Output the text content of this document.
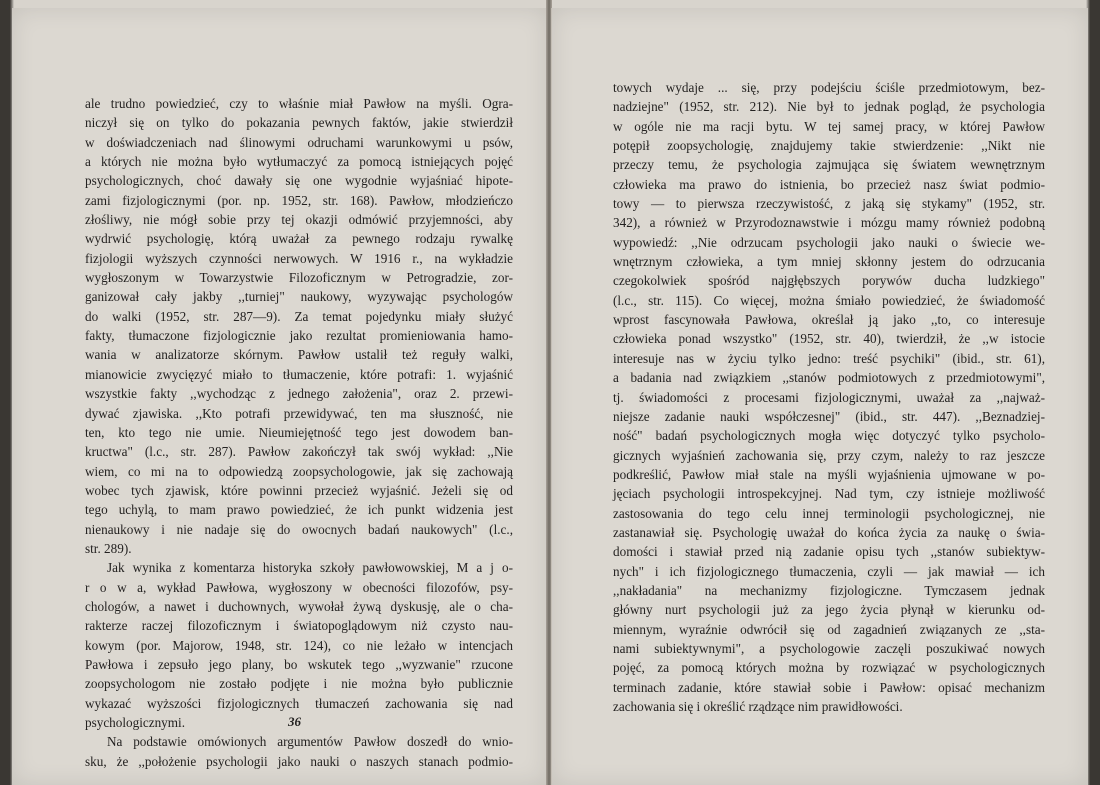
ale trudno powiedzieć, czy to właśnie miał Pawłow na myśli. Ogra-
niczył się on tylko do pokazania pewnych faktów, jakie stwierdził
w doświadczeniach nad ślinowymi odruchami warunkowymi u psów,
a których nie można było wytłumaczyć za pomocą istniejących pojęć
psychologicznych, choć dawały się one wygodnie wyjaśniać hipote-
zami fizjologicznymi (por. np. 1952, str. 168). Pawłow, młodzieńczo
złośliwy, nie mógł sobie przy tej okazji odmówić przyjemności, aby
wydrwić psychologię, którą uważał za pewnego rodzaju rywalkę
fizjologii wyższych czynności nerwowych. W 1916 r., na wykładzie
wygłoszonym w Towarzystwie Filozoficznym w Petrogradzie, zor-
ganizował cały jakby ,,turniej" naukowy, wyzywając psychologów
do walki (1952, str. 287—9). Za temat pojedynku miały służyć
fakty, tłumaczone fizjologicznie jako rezultat promieniowania hamo-
wania w analizatorze skórnym. Pawłow ustalił też reguły walki,
mianowicie zwycięzyć miało to tłumaczenie, które potrafi: 1. wyjaśnić
wszystkie fakty ,,wychodząc z jednego założenia", oraz 2. przewi-
dywać zjawiska. ,,Kto potrafi przewidywać, ten ma słuszność, nie
ten, kto tego nie umie. Nieumiejętność tego jest dowodem ban-
kructwa" (l.c., str. 287). Pawłow zakończył tak swój wykład: ,,Nie
wiem, co mi na to odpowiedzą zoopsychologowie, jak się zachowają
wobec tych zjawisk, które powinni przecież wyjaśnić. Jeżeli się od
tego uchylą, to mam prawo powiedzieć, że ich punkt widzenia jest
nienaukowy i nie nadaje się do owocnych badań naukowych" (l.c.,
str. 289).
Jak wynika z komentarza historyka szkoły pawłowowskiej, M a j o-
r o w a, wykład Pawłowa, wygłoszony w obecności filozofów, psy-
chologów, a nawet i duchownych, wywołał żywą dyskusję, ale o cha-
rakterze raczej filozoficznym i światopoglądowym niż czysto nau-
kowym (por. Majorow, 1948, str. 124), co nie leżało w intencjach
Pawłowa i zepsuło jego plany, bo wskutek tego ,,wyzwanie" rzucone
zoopsychologom nie zostało podjęte i nie można było publicznie
wykazać wyższości fizjologicznych tłumaczeń zachowania się nad
psychologicznymi.
Na podstawie omówionych argumentów Pawłow doszedł do wnio-
sku, że ,,położenie psychologii jako nauki o naszych stanach podmio-
36
towych wydaje ... się, przy podejściu ściśle przedmiotowym, bez-
nadziejne" (1952, str. 212). Nie był to jednak pogląd, że psychologia
w ogóle nie ma racji bytu. W tej samej pracy, w której Pawłow
potępił zoopsychologię, znajdujemy takie stwierdzenie: ,,Nikt nie
przeczy temu, że psychologia zajmująca się światem wewnętrznym
człowieka ma prawo do istnienia, bo przecież nasz świat podmio-
towy — to pierwsza rzeczywistość, z jaką się stykamy" (1952, str.
342), a również w Przyrodoznawstwie i mózgu mamy również podobną
wypowiedź: ,,Nie odrzucam psychologii jako nauki o świecie we-
wnętrznym człowieka, a tym mniej skłonny jestem do odrzucania
czegokolwiek spośród najgłębszych porywów ducha ludzkiego"
(l.c., str. 115). Co więcej, można śmiało powiedzieć, że świadomość
wprost fascynowała Pawłowa, określał ją jako ,,to, co interesuje
człowieka ponad wszystko" (1952, str. 40), twierdził, że ,,w istocie
interesuje nas w życiu tylko jedno: treść psychiki" (ibid., str. 61),
a badania nad związkiem ,,stanów podmiotowych z przedmiotowymi",
tj. świadomości z procesami fizjologicznymi, uważał za ,,najważ-
niejsze zadanie nauki współczesnej" (ibid., str. 447). ,,Beznadziej-
ność" badań psychologicznych mogła więc dotyczyć tylko psycholo-
gicznych wyjaśnień zachowania się, przy czym, należy to raz jeszcze
podkreślić, Pawłow miał stale na myśli wyjaśnienia ujmowane w po-
jęciach psychologii introspekcyjnej. Nad tym, czy istnieje możliwość
zastosowania do tego celu innej terminologii psychologicznej, nie
zastanawiał się. Psychologię uważał do końca życia za naukę o świa-
domości i stawiał przed nią zadanie opisu tych ,,stanów subiektyw-
nych" i ich fizjologicznego tłumaczenia, czyli — jak mawiał — ich
,,nakładania" na mechanizmy fizjologiczne. Tymczasem jednak
główny nurt psychologii już za jego życia płynął w kierunku od-
miennym, wyraźnie odwrócił się od zagadnień związanych ze ,,sta-
nami subiektywnymi", a psychologowie zaczęli poszukiwać nowych
pojęć, za pomocą których można by rozwiązać w psychologicznych
terminach zadanie, które stawiał sobie i Pawłow: opisać mechanizm
zachowania się i określić rządzące nim prawidłowości.
